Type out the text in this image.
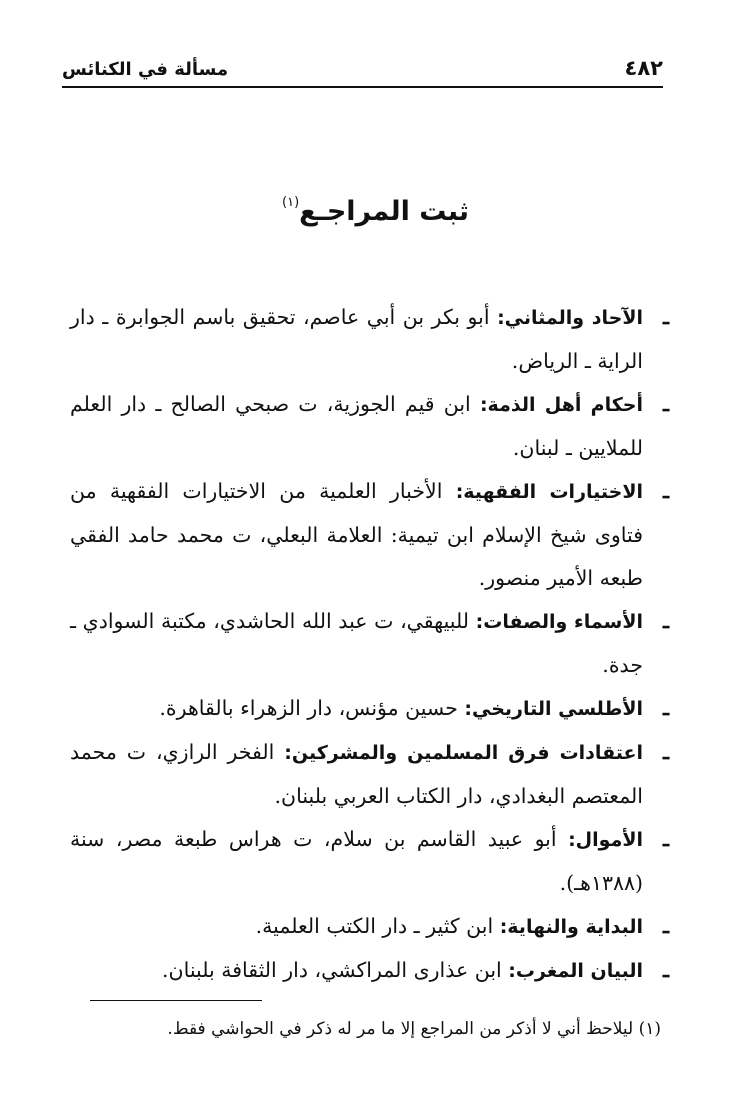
٤٨٢
مسألة في الكنائس
ثبت المراجـع$^{(١)}$
ـ
الآحاد والمثاني: أبو بكر بن أبي عاصم، تحقيق باسم الجوابرة ـ دار الراية ـ الرياض.
ـ
أحكام أهل الذمة: ابن قيم الجوزية، ت صبحي الصالح ـ دار العلم للملايين ـ لبنان.
ـ
الاختيارات الفقهية: الأخبار العلمية من الاختيارات الفقهية من فتاوى شيخ الإسلام ابن تيمية: العلامة البعلي، ت محمد حامد الفقي طبعه الأمير منصور.
ـ
الأسماء والصفات: للبيهقي، ت عبد الله الحاشدي، مكتبة السوادي ـ جدة.
ـ
الأطلسي التاريخي: حسين مؤنس، دار الزهراء بالقاهرة.
ـ
اعتقادات فرق المسلمين والمشركين: الفخر الرازي، ت محمد المعتصم البغدادي، دار الكتاب العربي بلبنان.
ـ
الأموال: أبو عبيد القاسم بن سلام، ت هراس طبعة مصر، سنة (١٣٨٨هـ).
ـ
البداية والنهاية: ابن كثير ـ دار الكتب العلمية.
ـ
البيان المغرب: ابن عذارى المراكشي، دار الثقافة بلبنان.
(١) ليلاحظ أني لا أذكر من المراجع إلا ما مر له ذكر في الحواشي فقط.
